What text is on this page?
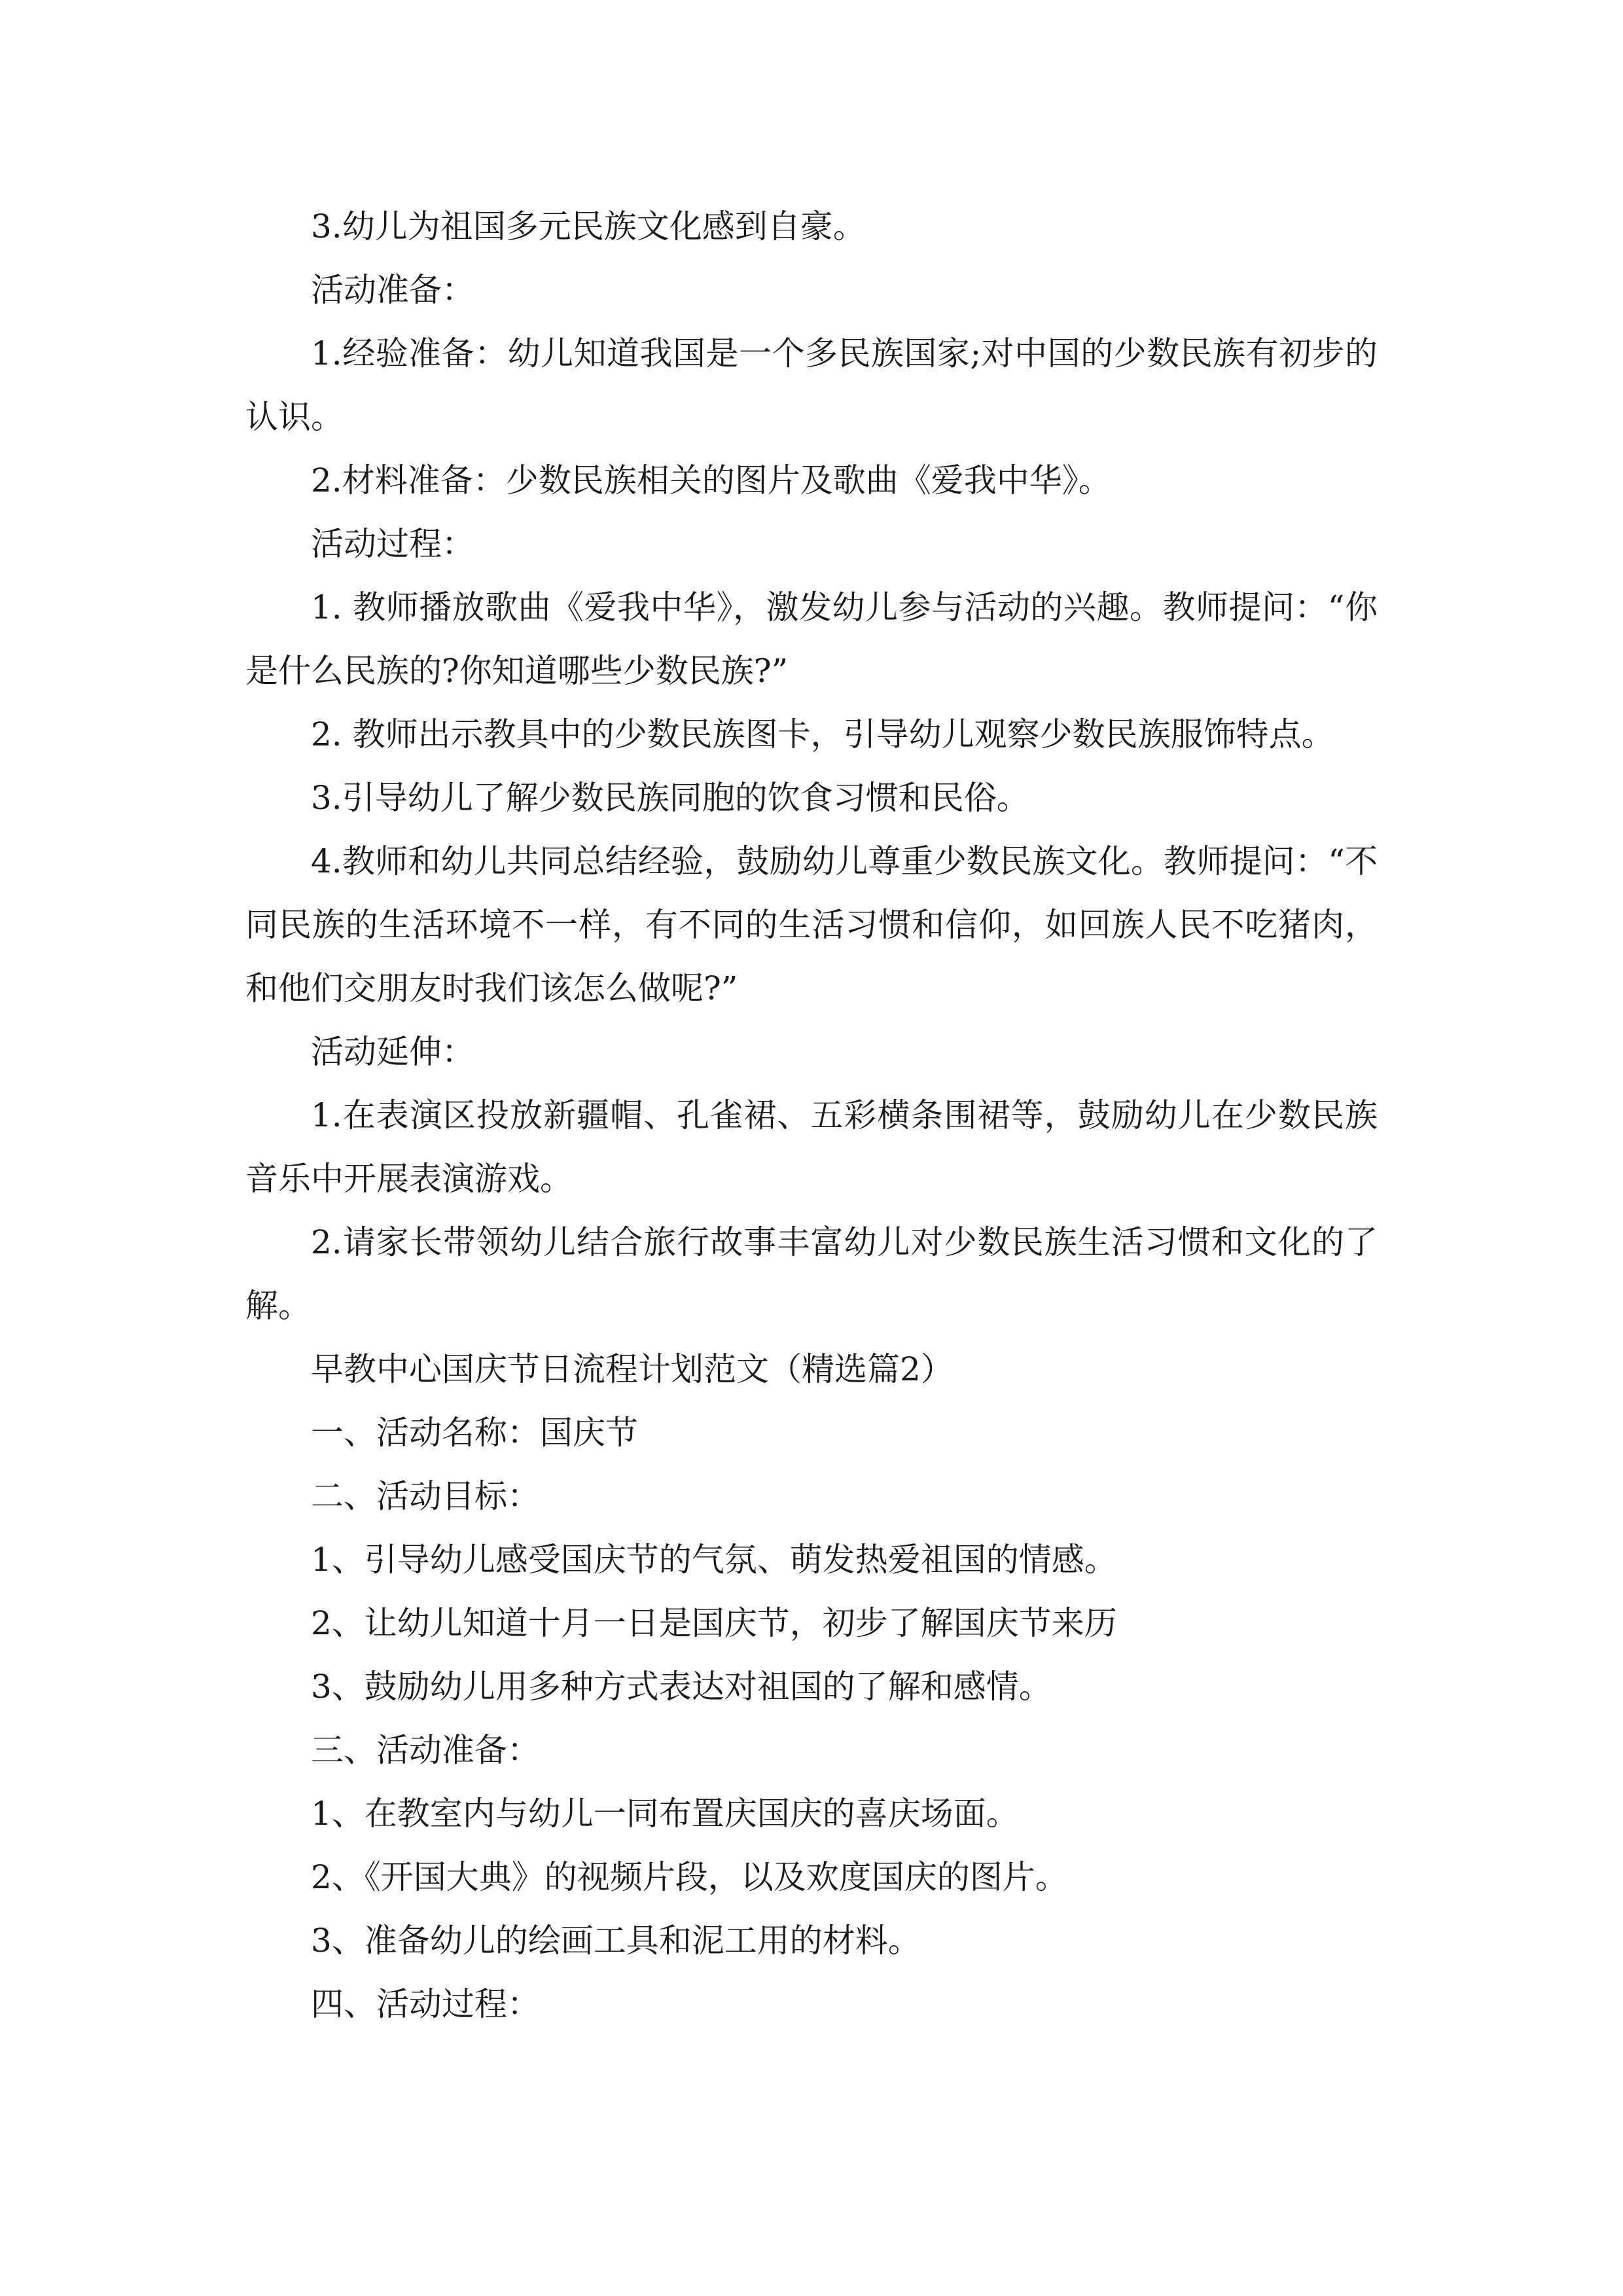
3.幼儿为祖国多元民族文化感到自豪。

活动准备：

1.经验准备：幼儿知道我国是一个多民族国家;对中国的少数民族有初步的认识。

2.材料准备：少数民族相关的图片及歌曲《爱我中华》。

活动过程：

1. 教师播放歌曲《爱我中华》，激发幼儿参与活动的兴趣。教师提问：“你是什么民族的?你知道哪些少数民族?”

2. 教师出示教具中的少数民族图卡，引导幼儿观察少数民族服饰特点。

3.引导幼儿了解少数民族同胞的饮食习惯和民俗。

4.教师和幼儿共同总结经验，鼓励幼儿尊重少数民族文化。教师提问：“不同民族的生活环境不一样，有不同的生活习惯和信仰，如回族人民不吃猪肉，和他们交朋友时我们该怎么做呢?”

活动延伸：

1.在表演区投放新疆帽、孔雀裙、五彩横条围裙等，鼓励幼儿在少数民族音乐中开展表演游戏。

2.请家长带领幼儿结合旅行故事丰富幼儿对少数民族生活习惯和文化的了解。

早教中心国庆节日流程计划范文（精选篇2）

一、活动名称：国庆节

二、活动目标：

1、引导幼儿感受国庆节的气氛、萌发热爱祖国的情感。

2、让幼儿知道十月一日是国庆节，初步了解国庆节来历

3、鼓励幼儿用多种方式表达对祖国的了解和感情。

三、活动准备：

1、在教室内与幼儿一同布置庆国庆的喜庆场面。

2、《开国大典》的视频片段，以及欢度国庆的图片。

3、准备幼儿的绘画工具和泥工用的材料。

四、活动过程：
